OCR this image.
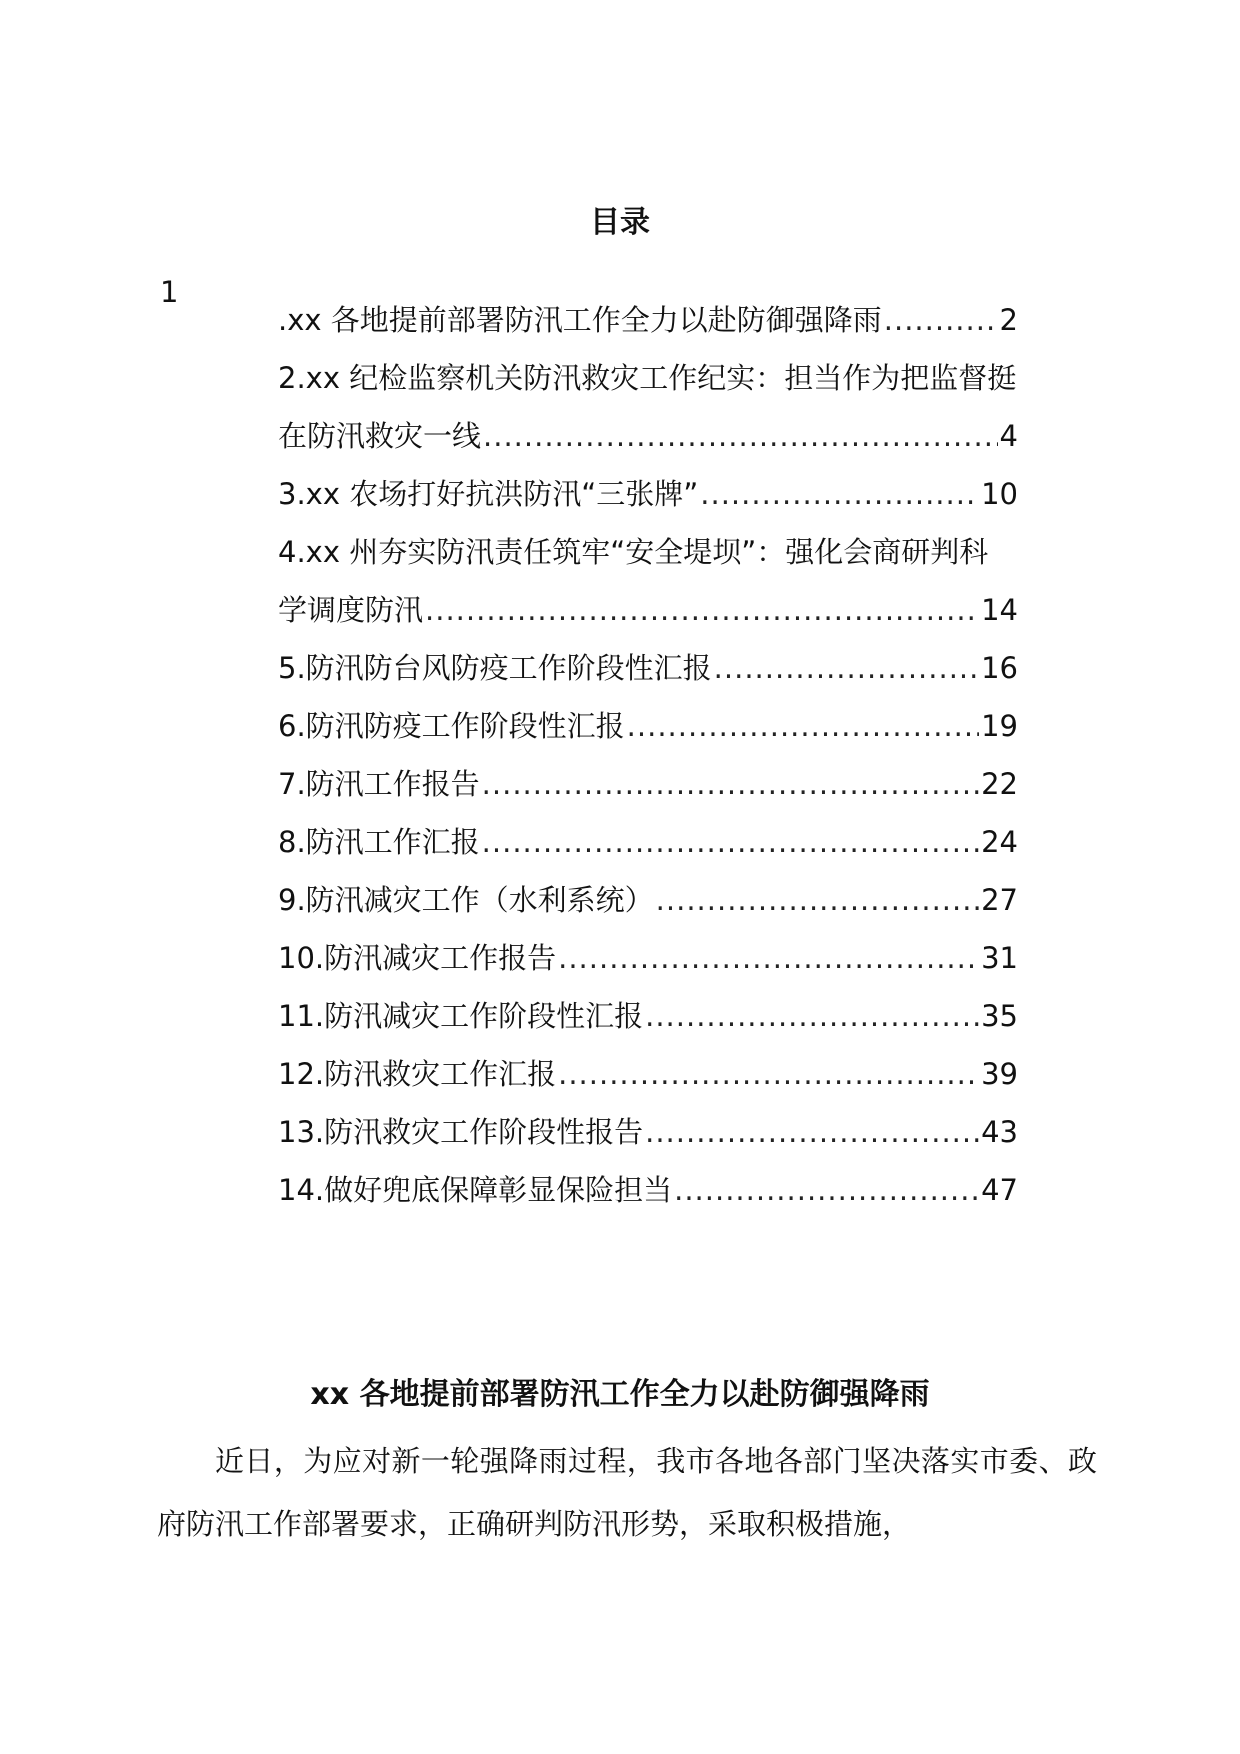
目录
1
.xx 各地提前部署防汛工作全力以赴防御强降雨 .....	2
2.xx 纪检监察机关防汛救灾工作纪实：担当作为把监督挺
在防汛救灾一线 .....	4
3.xx 农场打好抗洪防汛“三张牌” .....	10
4.xx 州夯实防汛责任筑牢“安全堤坝”：强化会商研判科
学调度防汛 .....	14
5.防汛防台风防疫工作阶段性汇报 .....	16
6.防汛防疫工作阶段性汇报 .....	19
7.防汛工作报告 .....	22
8.防汛工作汇报 .....	24
9.防汛减灾工作（水利系统） .....	27
10.防汛减灾工作报告 .....	31
11.防汛减灾工作阶段性汇报 .....	35
12.防汛救灾工作汇报 .....	39
13.防汛救灾工作阶段性报告 .....	43
14.做好兜底保障彰显保险担当 .....	47
xx 各地提前部署防汛工作全力以赴防御强降雨

近日，为应对新一轮强降雨过程，我市各地各部门坚决落实市委、政府防汛工作部署要求，正确研判防汛形势，采取积极措施，
